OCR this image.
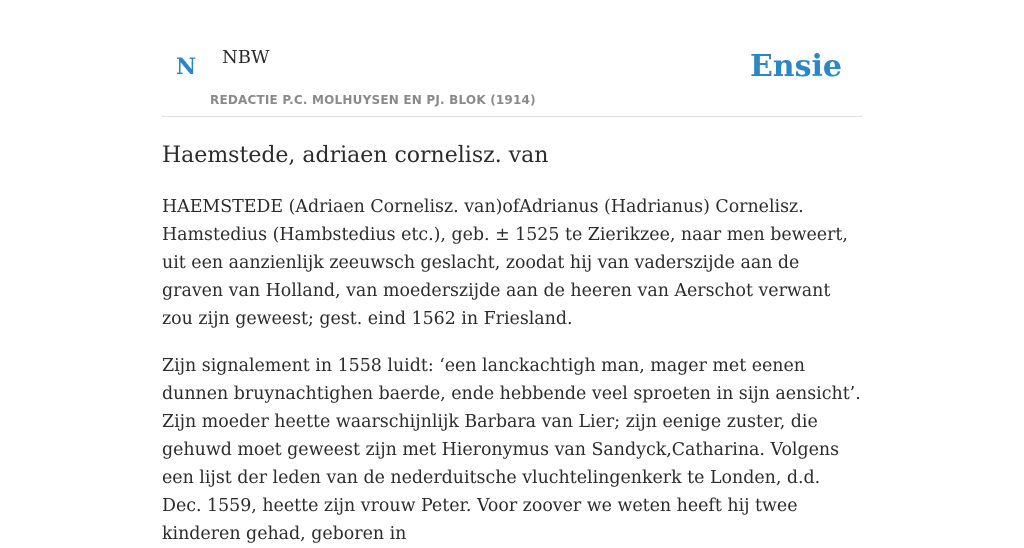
N NBW
REDACTIE P.C. MOLHUYSEN EN PJ. BLOK (1914)
Ensie
Haemstede, adriaen cornelisz. van

HAEMSTEDE (Adriaen Cornelisz. van)ofAdrianus (Hadrianus) Cornelisz. Hamstedius (Hambstedius etc.), geb. ± 1525 te Zierikzee, naar men beweert, uit een aanzienlijk zeeuwsch geslacht, zoodat hij van vaderszijde aan de graven van Holland, van moederszijde aan de heeren van Aerschot verwant zou zijn geweest; gest. eind 1562 in Friesland.

Zijn signalement in 1558 luidt: ‘een lanckachtigh man, mager met eenen dunnen bruynachtighen baerde, ende hebbende veel sproeten in sijn aensicht’. Zijn moeder heette waarschijnlijk Barbara van Lier; zijn eenige zuster, die gehuwd moet geweest zijn met Hieronymus van Sandyck,Catharina. Volgens een lijst der leden van de nederduitsche vluchtelingenkerk te Londen, d.d. Dec. 1559, heette zijn vrouw Peter. Voor zoover we weten heeft hij twee kinderen gehad, geboren in
